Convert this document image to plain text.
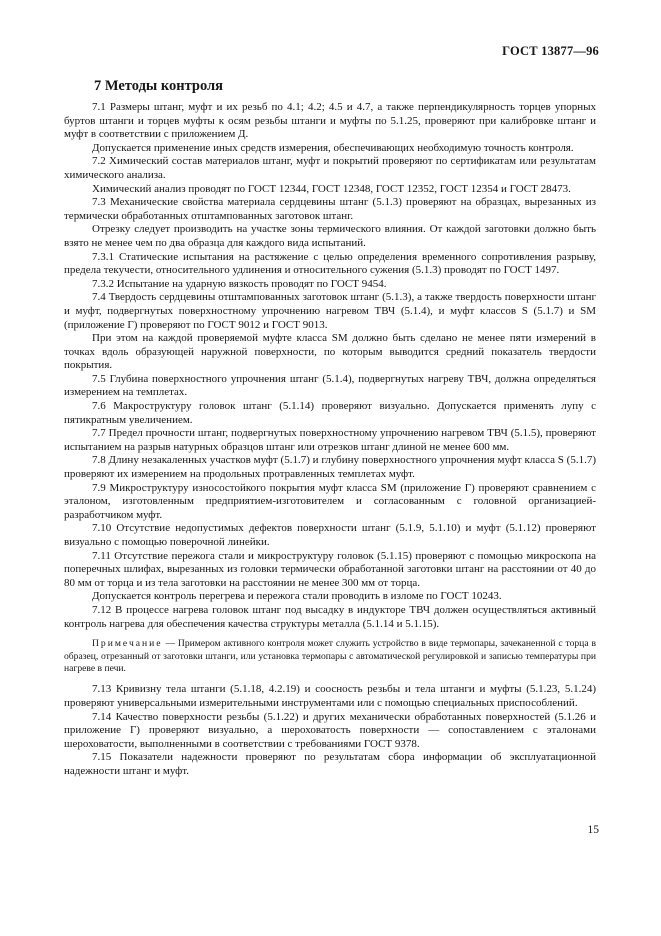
ГОСТ 13877—96
7 Методы контроля

7.1 Размеры штанг, муфт и их резьб по 4.1; 4.2; 4.5 и 4.7, а также перпендикулярность торцев упорных буртов штанги и торцев муфты к осям резьбы штанги и муфты по 5.1.25, проверяют при калибровке штанг и муфт в соответствии с приложением Д.

Допускается применение иных средств измерения, обеспечивающих необходимую точность контроля.

7.2 Химический состав материалов штанг, муфт и покрытий проверяют по сертификатам или результатам химического анализа.

Химический анализ проводят по ГОСТ 12344, ГОСТ 12348, ГОСТ 12352, ГОСТ 12354 и ГОСТ 28473.

7.3 Механические свойства материала сердцевины штанг (5.1.3) проверяют на образцах, вырезанных из термически обработанных отштампованных заготовок штанг.

Отрезку следует производить на участке зоны термического влияния. От каждой заготовки должно быть взято не менее чем по два образца для каждого вида испытаний.

7.3.1 Статические испытания на растяжение с целью определения временного сопротивления разрыву, предела текучести, относительного удлинения и относительного сужения (5.1.3) проводят по ГОСТ 1497.

7.3.2 Испытание на ударную вязкость проводят по ГОСТ 9454.

7.4 Твердость сердцевины отштампованных заготовок штанг (5.1.3), а также твердость поверхности штанг и муфт, подвергнутых поверхностному упрочнению нагревом ТВЧ (5.1.4), и муфт классов S (5.1.7) и SM (приложение Г) проверяют по ГОСТ 9012 и ГОСТ 9013.

При этом на каждой проверяемой муфте класса SM должно быть сделано не менее пяти измерений в точках вдоль образующей наружной поверхности, по которым выводится средний показатель твердости покрытия.

7.5 Глубина поверхностного упрочнения штанг (5.1.4), подвергнутых нагреву ТВЧ, должна определяться измерением на темплетах.

7.6 Макроструктуру головок штанг (5.1.14) проверяют визуально. Допускается применять лупу с пятикратным увеличением.

7.7 Предел прочности штанг, подвергнутых поверхностному упрочнению нагревом ТВЧ (5.1.5), проверяют испытанием на разрыв натурных образцов штанг или отрезков штанг длиной не менее 600 мм.

7.8 Длину незакаленных участков муфт (5.1.7) и глубину поверхностного упрочнения муфт класса S (5.1.7) проверяют их измерением на продольных протравленных темплетах муфт.

7.9 Микроструктуру износостойкого покрытия муфт класса SM (приложение Г) проверяют сравнением с эталоном, изготовленным предприятием-изготовителем и согласованным с головной организацией-разработчиком муфт.

7.10 Отсутствие недопустимых дефектов поверхности штанг (5.1.9, 5.1.10) и муфт (5.1.12) проверяют визуально с помощью поверочной линейки.

7.11 Отсутствие пережога стали и микроструктуру головок (5.1.15) проверяют с помощью микроскопа на поперечных шлифах, вырезанных из головки термически обработанной заготовки штанг на расстоянии от 40 до 80 мм от торца и из тела заготовки на расстоянии не менее 300 мм от торца.

Допускается контроль перегрева и пережога стали проводить в изломе по ГОСТ 10243.

7.12 В процессе нагрева головок штанг под высадку в индукторе ТВЧ должен осуществляться активный контроль нагрева для обеспечения качества структуры металла (5.1.14 и 5.1.15).

Примечание — Примером активного контроля может служить устройство в виде термопары, зачеканенной с торца в образец, отрезанный от заготовки штанги, или установка термопары с автоматической регулировкой и записью температуры при нагреве в печи.

7.13 Кривизну тела штанги (5.1.18, 4.2.19) и соосность резьбы и тела штанги и муфты (5.1.23, 5.1.24) проверяют универсальными измерительными инструментами или с помощью специальных приспособлений.

7.14 Качество поверхности резьбы (5.1.22) и других механически обработанных поверхностей (5.1.26 и приложение Г) проверяют визуально, а шероховатость поверхности — сопоставлением с эталонами шероховатости, выполненными в соответствии с требованиями ГОСТ 9378.

7.15 Показатели надежности проверяют по результатам сбора информации об эксплуатационной надежности штанг и муфт.

15
